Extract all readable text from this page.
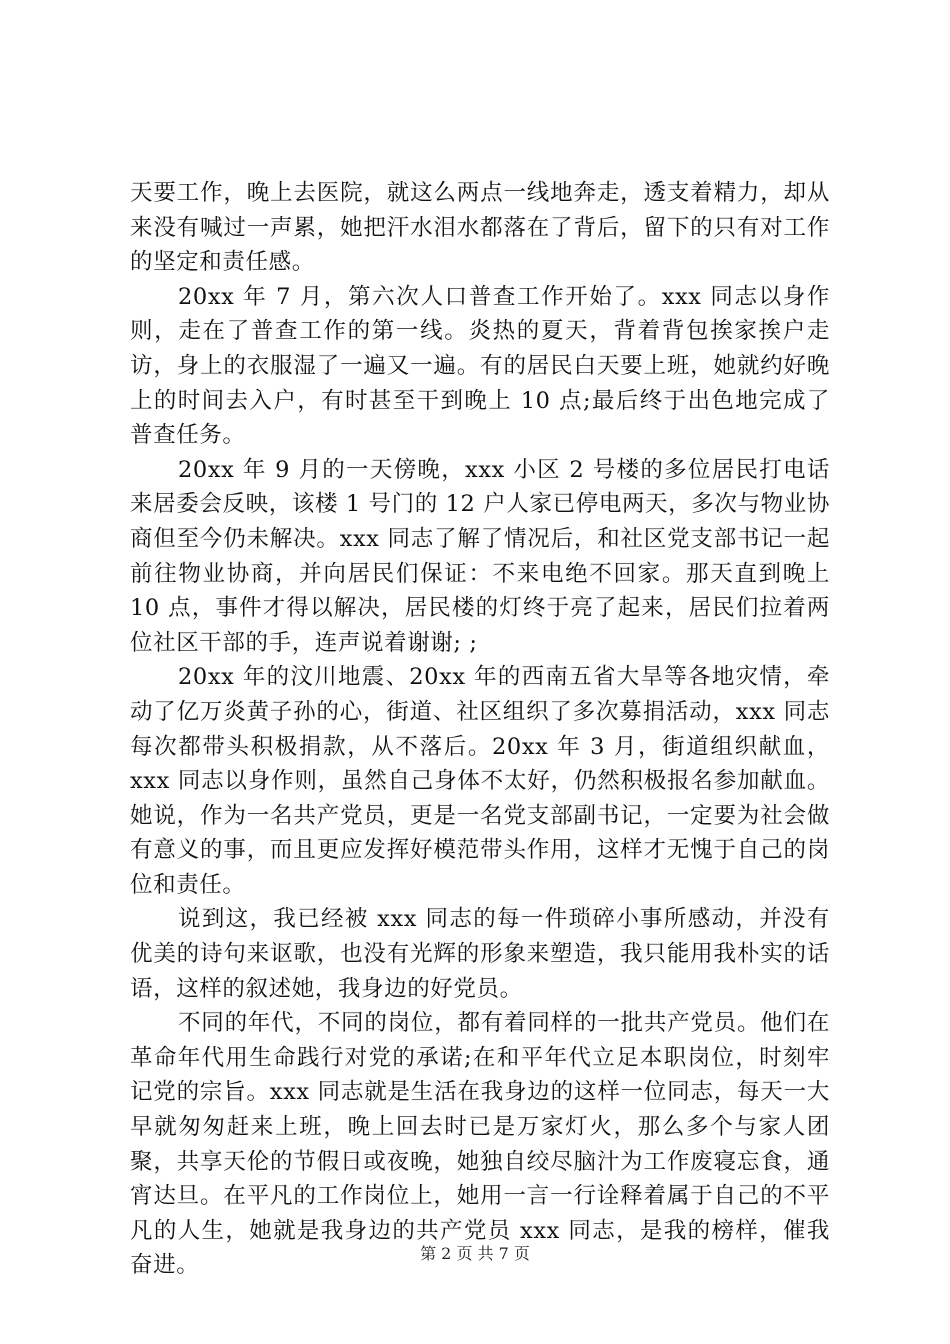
天要工作，晚上去医院，就这么两点一线地奔走，透支着精力，却从来没有喊过一声累，她把汗水泪水都落在了背后，留下的只有对工作的坚定和责任感。

20xx 年 7 月，第六次人口普查工作开始了。xxx 同志以身作则，走在了普查工作的第一线。炎热的夏天，背着背包挨家挨户走访，身上的衣服湿了一遍又一遍。有的居民白天要上班，她就约好晚上的时间去入户，有时甚至干到晚上 10 点;最后终于出色地完成了普查任务。

20xx 年 9 月的一天傍晚，xxx 小区 2 号楼的多位居民打电话来居委会反映，该楼 1 号门的 12 户人家已停电两天，多次与物业协商但至今仍未解决。xxx 同志了解了情况后，和社区党支部书记一起前往物业协商，并向居民们保证：不来电绝不回家。那天直到晚上 10 点，事件才得以解决，居民楼的灯终于亮了起来，居民们拉着两位社区干部的手，连声说着谢谢; ;

20xx 年的汶川地震、20xx 年的西南五省大旱等各地灾情，牵动了亿万炎黄子孙的心，街道、社区组织了多次募捐活动，xxx 同志每次都带头积极捐款，从不落后。20xx 年 3 月，街道组织献血，xxx 同志以身作则，虽然自己身体不太好，仍然积极报名参加献血。她说，作为一名共产党员，更是一名党支部副书记，一定要为社会做有意义的事，而且更应发挥好模范带头作用，这样才无愧于自己的岗位和责任。

说到这，我已经被 xxx 同志的每一件琐碎小事所感动，并没有优美的诗句来讴歌，也没有光辉的形象来塑造，我只能用我朴实的话语，这样的叙述她，我身边的好党员。

不同的年代，不同的岗位，都有着同样的一批共产党员。他们在革命年代用生命践行对党的承诺;在和平年代立足本职岗位，时刻牢记党的宗旨。xxx 同志就是生活在我身边的这样一位同志，每天一大早就匆匆赶来上班，晚上回去时已是万家灯火，那么多个与家人团聚，共享天伦的节假日或夜晚，她独自绞尽脑汁为工作废寝忘食，通宵达旦。在平凡的工作岗位上，她用一言一行诠释着属于自己的不平凡的人生，她就是我身边的共产党员 xxx 同志，是我的榜样，催我奋进。	第 2 页 共 7 页
